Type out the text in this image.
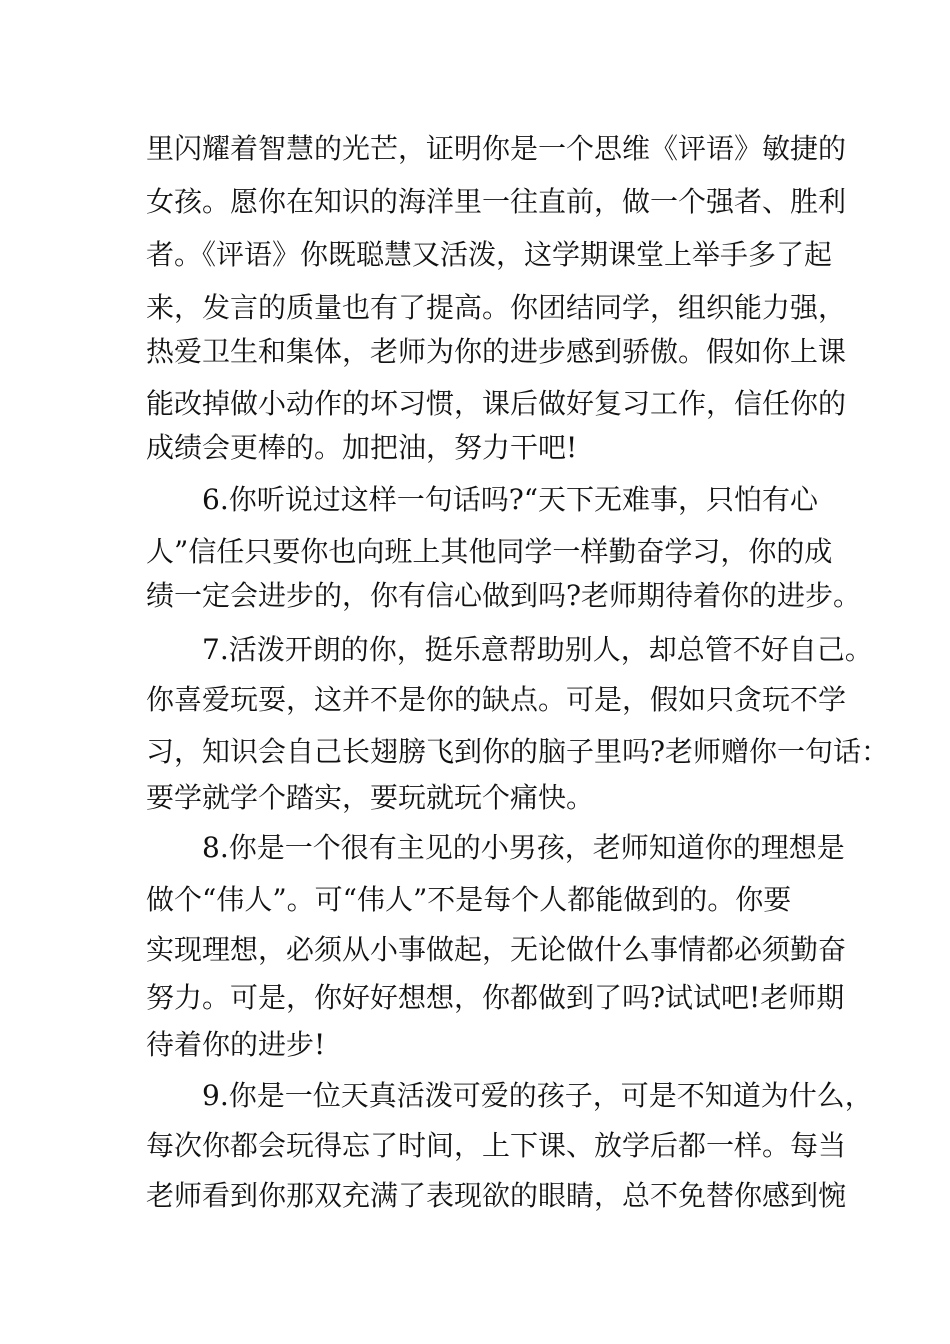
里闪耀着智慧的光芒，证明你是一个思维《评语》敏捷的

女孩。愿你在知识的海洋里一往直前，做一个强者、胜利

者。《评语》你既聪慧又活泼，这学期课堂上举手多了起

来，发言的质量也有了提高。你团结同学，组织能力强，

热爱卫生和集体，老师为你的进步感到骄傲。假如你上课

能改掉做小动作的坏习惯，课后做好复习工作，信任你的

成绩会更棒的。加把油，努力干吧!

6.你听说过这样一句话吗?“天下无难事，只怕有心

人”信任只要你也向班上其他同学一样勤奋学习，你的成

绩一定会进步的，你有信心做到吗?老师期待着你的进步。

7.活泼开朗的你，挺乐意帮助别人，却总管不好自己。

你喜爱玩耍，这并不是你的缺点。可是，假如只贪玩不学

习，知识会自己长翅膀飞到你的脑子里吗?老师赠你一句话：

要学就学个踏实，要玩就玩个痛快。

8.你是一个很有主见的小男孩，老师知道你的理想是

做个“伟人”。可“伟人”不是每个人都能做到的。你要

实现理想，必须从小事做起，无论做什么事情都必须勤奋

努力。可是，你好好想想，你都做到了吗?试试吧!老师期

待着你的进步!

9.你是一位天真活泼可爱的孩子，可是不知道为什么，

每次你都会玩得忘了时间，上下课、放学后都一样。每当

老师看到你那双充满了表现欲的眼睛，总不免替你感到惋
